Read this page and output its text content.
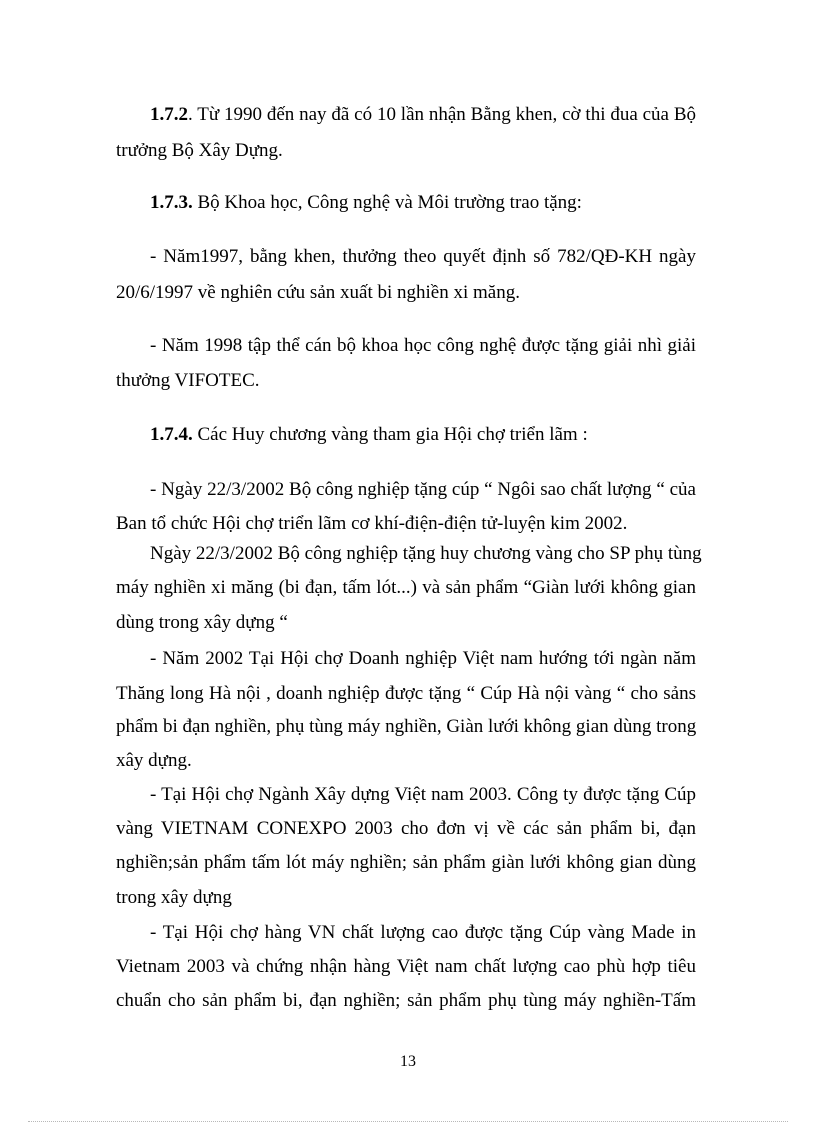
1.7.2. Từ 1990 đến nay đã có 10 lần nhận Bằng khen, cờ thi đua của Bộ
trưởng Bộ Xây Dựng.
1.7.3. Bộ Khoa học, Công nghệ và Môi trường trao tặng:
- Năm1997, bằng khen, thưởng theo quyết định số 782/QĐ-KH ngày
20/6/1997 về nghiên cứu sản xuất bi nghiền xi măng.
- Năm 1998 tập thể cán bộ khoa học công nghệ được tặng giải nhì giải
thưởng VIFOTEC.
1.7.4. Các Huy chương vàng tham gia Hội chợ triển lãm :
- Ngày 22/3/2002 Bộ công nghiệp tặng cúp “ Ngôi sao chất lượng “ của
Ban tổ chức Hội chợ triển lãm cơ khí-điện-điện tử-luyện kim 2002.
Ngày 22/3/2002 Bộ công nghiệp tặng huy chương vàng cho SP phụ tùng
máy nghiền xi măng (bi đạn, tấm lót...) và sản phẩm “Giàn lưới không gian
dùng trong xây dựng “
- Năm 2002 Tại Hội chợ Doanh nghiệp Việt nam hướng tới ngàn năm
Thăng long Hà nội , doanh nghiệp được tặng “ Cúp Hà nội vàng “ cho sảns
phẩm bi đạn nghiền, phụ tùng máy nghiền, Giàn lưới không gian dùng trong
xây dựng.
- Tại Hội chợ Ngành Xây dựng Việt nam 2003. Công ty được tặng Cúp
vàng VIETNAM CONEXPO 2003 cho đơn vị về các sản phẩm bi, đạn
nghiền;sản phẩm tấm lót máy nghiền; sản phẩm giàn lưới không gian dùng
trong xây dựng
- Tại Hội chợ hàng VN chất lượng cao được tặng Cúp vàng Made in
Vietnam 2003 và chứng nhận hàng Việt nam chất lượng cao phù hợp tiêu
chuẩn cho sản phẩm bi, đạn nghiền; sản phẩm phụ tùng máy nghiền-Tấm
13
